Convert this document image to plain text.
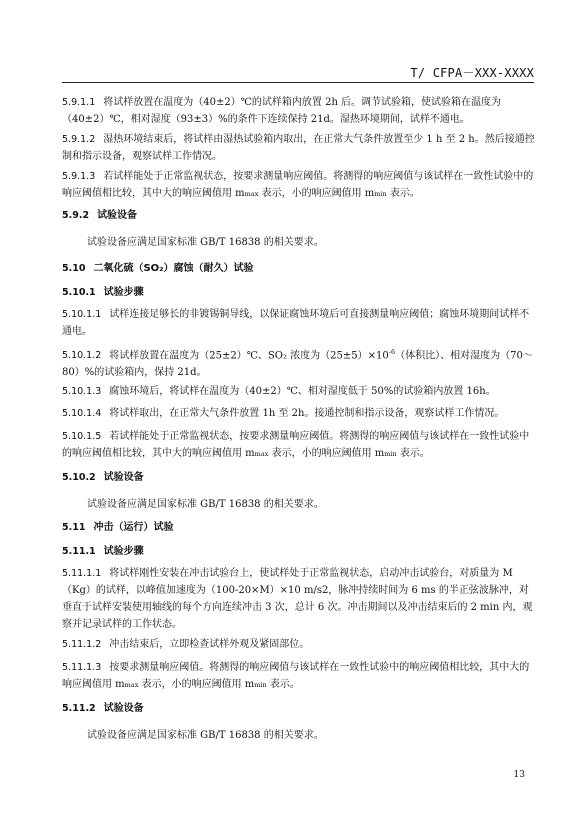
T/ CFPA－XXX-XXXX
5.9.1.1 将试样放置在温度为（40±2）℃的试样箱内放置 2h 后。调节试验箱，使试验箱在温度为（40±2）℃，相对湿度（93±3）%的条件下连续保持 21d。湿热环境期间，试样不通电。
5.9.1.2 湿热环境结束后，将试样由湿热试验箱内取出，在正常大气条件放置至少 1 h 至 2 h。然后接通控制和指示设备，观察试样工作情况。
5.9.1.3 若试样能处于正常监视状态，按要求测量响应阈值。将测得的响应阈值与该试样在一致性试验中的响应阈值相比较，其中大的响应阈值用 mmax 表示，小的响应阈值用 mmin 表示。
5.9.2 试验设备
试验设备应满足国家标准 GB/T 16838 的相关要求。
5.10 二氧化硫（SO₂）腐蚀（耐久）试验
5.10.1 试验步骤
5.10.1.1 试样连接足够长的非镀锡铜导线，以保证腐蚀环境后可直接测量响应阈值；腐蚀环境期间试样不通电。
5.10.1.2 将试样放置在温度为（25±2）℃、SO₂ 浓度为$(25\pm 5)\times 10^{-6}$（体积比）、相对湿度为（70～80）%的试验箱内，保持 21d。
5.10.1.3 腐蚀环境后，将试样在温度为（40±2）℃、相对湿度低于 50%的试验箱内放置 16h。
5.10.1.4 将试样取出，在正常大气条件放置 1h 至 2h。接通控制和指示设备，观察试样工作情况。
5.10.1.5 若试样能处于正常监视状态，按要求测量响应阈值。将测得的响应阈值与该试样在一致性试验中的响应阈值相比较，其中大的响应阈值用 mmax 表示，小的响应阈值用 mmin 表示。
5.10.2 试验设备
试验设备应满足国家标准 GB/T 16838 的相关要求。
5.11 冲击（运行）试验
5.11.1 试验步骤
5.11.1.1 将试样刚性安装在冲击试验台上，使试样处于正常监视状态，启动冲击试验台，对质量为 M（Kg）的试样，以峰值加速度为（100-20×M）×10 m/s2，脉冲持续时间为 6 ms 的半正弦波脉冲，对垂直于试样安装使用轴线的每个方向连续冲击 3 次，总计 6 次。冲击期间以及冲击结束后的 2 min 内，观察并记录试样的工作状态。
5.11.1.2 冲击结束后，立即检查试样外观及紧固部位。
5.11.1.3 按要求测量响应阈值。将测得的响应阈值与该试样在一致性试验中的响应阈值相比较，其中大的响应阈值用 mmax 表示，小的响应阈值用 mmin 表示。
5.11.2 试验设备
试验设备应满足国家标准 GB/T 16838 的相关要求。
13
